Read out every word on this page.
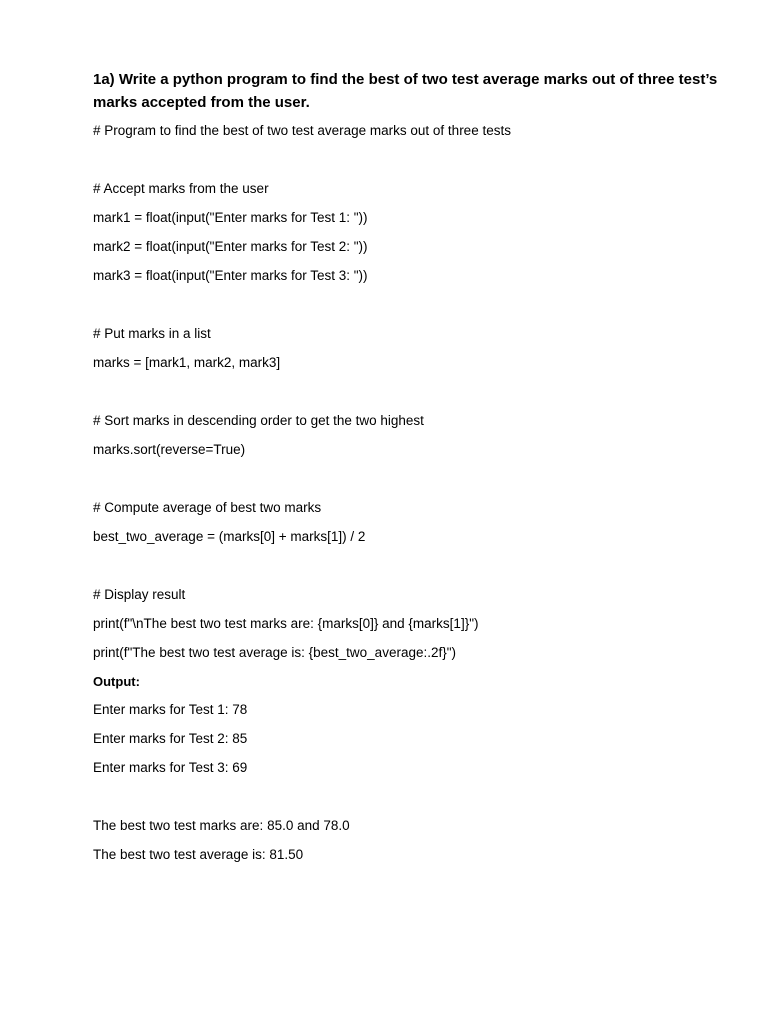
1a) Write a python program to find the best of two test average marks out of three test’s marks accepted from the user.
# Program to find the best of two test average marks out of three tests
# Accept marks from the user
mark1 = float(input("Enter marks for Test 1: "))
mark2 = float(input("Enter marks for Test 2: "))
mark3 = float(input("Enter marks for Test 3: "))
# Put marks in a list
marks = [mark1, mark2, mark3]
# Sort marks in descending order to get the two highest
marks.sort(reverse=True)
# Compute average of best two marks
best_two_average = (marks[0] + marks[1]) / 2
# Display result
print(f"\nThe best two test marks are: {marks[0]} and {marks[1]}")
print(f"The best two test average is: {best_two_average:.2f}")
Output:
Enter marks for Test 1: 78
Enter marks for Test 2: 85
Enter marks for Test 3: 69
The best two test marks are: 85.0 and 78.0
The best two test average is: 81.50
